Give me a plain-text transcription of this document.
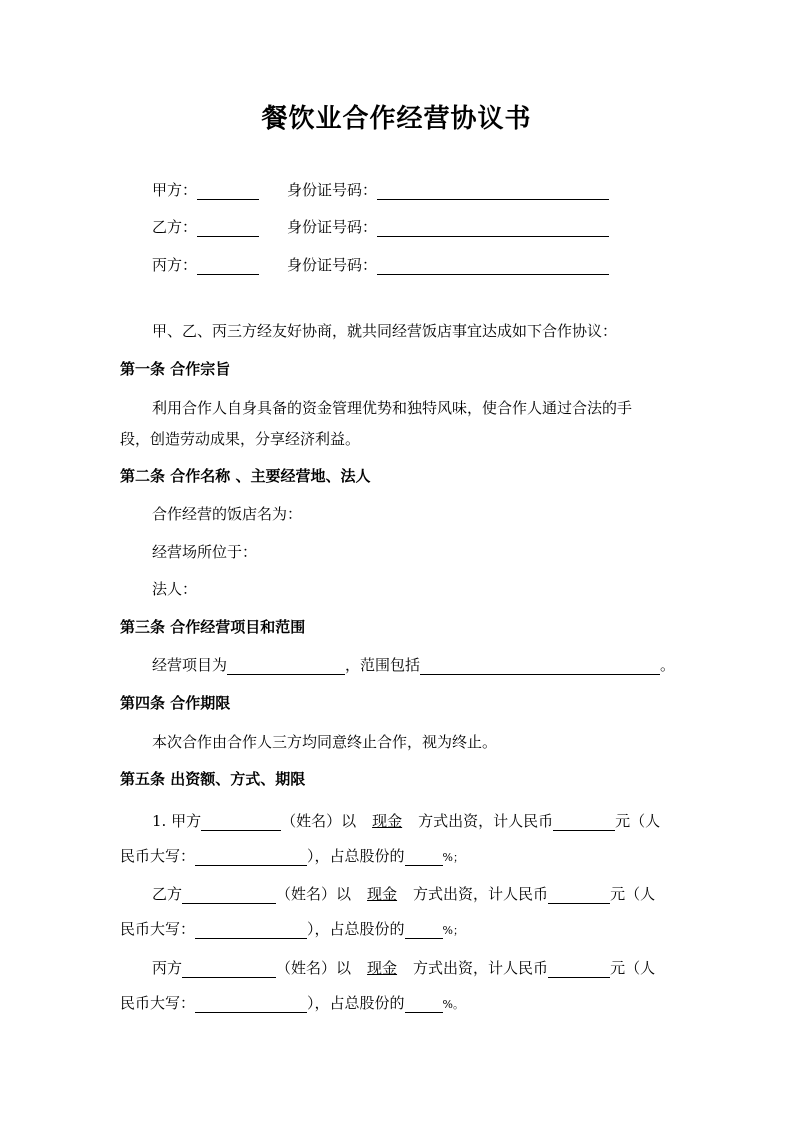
餐饮业合作经营协议书
甲方：	身份证号码：
乙方：	身份证号码：
丙方：	身份证号码：
甲、乙、丙三方经友好协商，就共同经营饭店事宜达成如下合作协议：
第一条 合作宗旨
利用合作人自身具备的资金管理优势和独特风味，使合作人通过合法的手
段，创造劳动成果，分享经济利益。
第二条 合作名称 、主要经营地、法人
合作经营的饭店名为：
经营场所位于：
法人：
第三条 合作经营项目和范围
经营项目为	，范围包括	。
第四条 合作期限
本次合作由合作人三方均同意终止合作，视为终止。
第五条 出资额、方式、期限
1. 甲方	（姓名）以 现金 方式出资，计人民币	元（人
民币大写：	），占总股份的	%；
乙方	（姓名）以 现金 方式出资，计人民币	元（人
民币大写：	），占总股份的	%；
丙方	（姓名）以 现金 方式出资，计人民币	元（人
民币大写：	），占总股份的	%。
